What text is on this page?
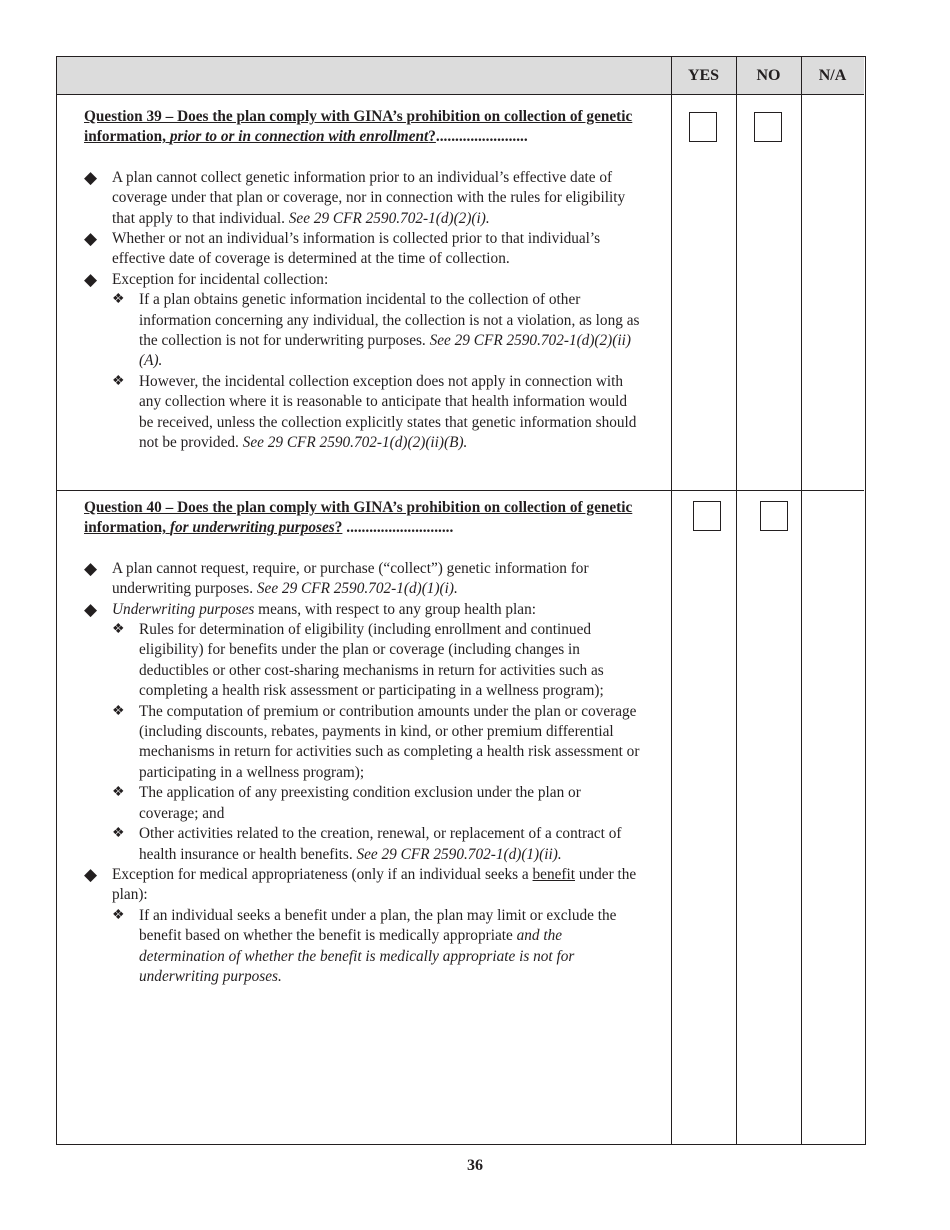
YES	NO	N/A
Question 39 – Does the plan comply with GINA’s prohibition on collection of genetic information, prior to or in connection with enrollment?........................
◆ A plan cannot collect genetic information prior to an individual’s effective date of coverage under that plan or coverage, nor in connection with the rules for eligibility that apply to that individual. See 29 CFR 2590.702-1(d)(2)(i).
◆ Whether or not an individual’s information is collected prior to that individual’s effective date of coverage is determined at the time of collection.
◆ Exception for incidental collection:
❖ If a plan obtains genetic information incidental to the collection of other information concerning any individual, the collection is not a violation, as long as the collection is not for underwriting purposes. See 29 CFR 2590.702-1(d)(2)(ii)(A).
❖ However, the incidental collection exception does not apply in connection with any collection where it is reasonable to anticipate that health information would be received, unless the collection explicitly states that genetic information should not be provided. See 29 CFR 2590.702-1(d)(2)(ii)(B).
Question 40 – Does the plan comply with GINA’s prohibition on collection of genetic information, for underwriting purposes? ............................
◆ A plan cannot request, require, or purchase (“collect”) genetic information for underwriting purposes. See 29 CFR 2590.702-1(d)(1)(i).
◆ Underwriting purposes means, with respect to any group health plan:
❖ Rules for determination of eligibility (including enrollment and continued eligibility) for benefits under the plan or coverage (including changes in deductibles or other cost-sharing mechanisms in return for activities such as completing a health risk assessment or participating in a wellness program);
❖ The computation of premium or contribution amounts under the plan or coverage (including discounts, rebates, payments in kind, or other premium differential mechanisms in return for activities such as completing a health risk assessment or participating in a wellness program);
❖ The application of any preexisting condition exclusion under the plan or coverage; and
❖ Other activities related to the creation, renewal, or replacement of a contract of health insurance or health benefits. See 29 CFR 2590.702-1(d)(1)(ii).
◆ Exception for medical appropriateness (only if an individual seeks a benefit under the plan):
❖ If an individual seeks a benefit under a plan, the plan may limit or exclude the benefit based on whether the benefit is medically appropriate and the determination of whether the benefit is medically appropriate is not for underwriting purposes.
36
